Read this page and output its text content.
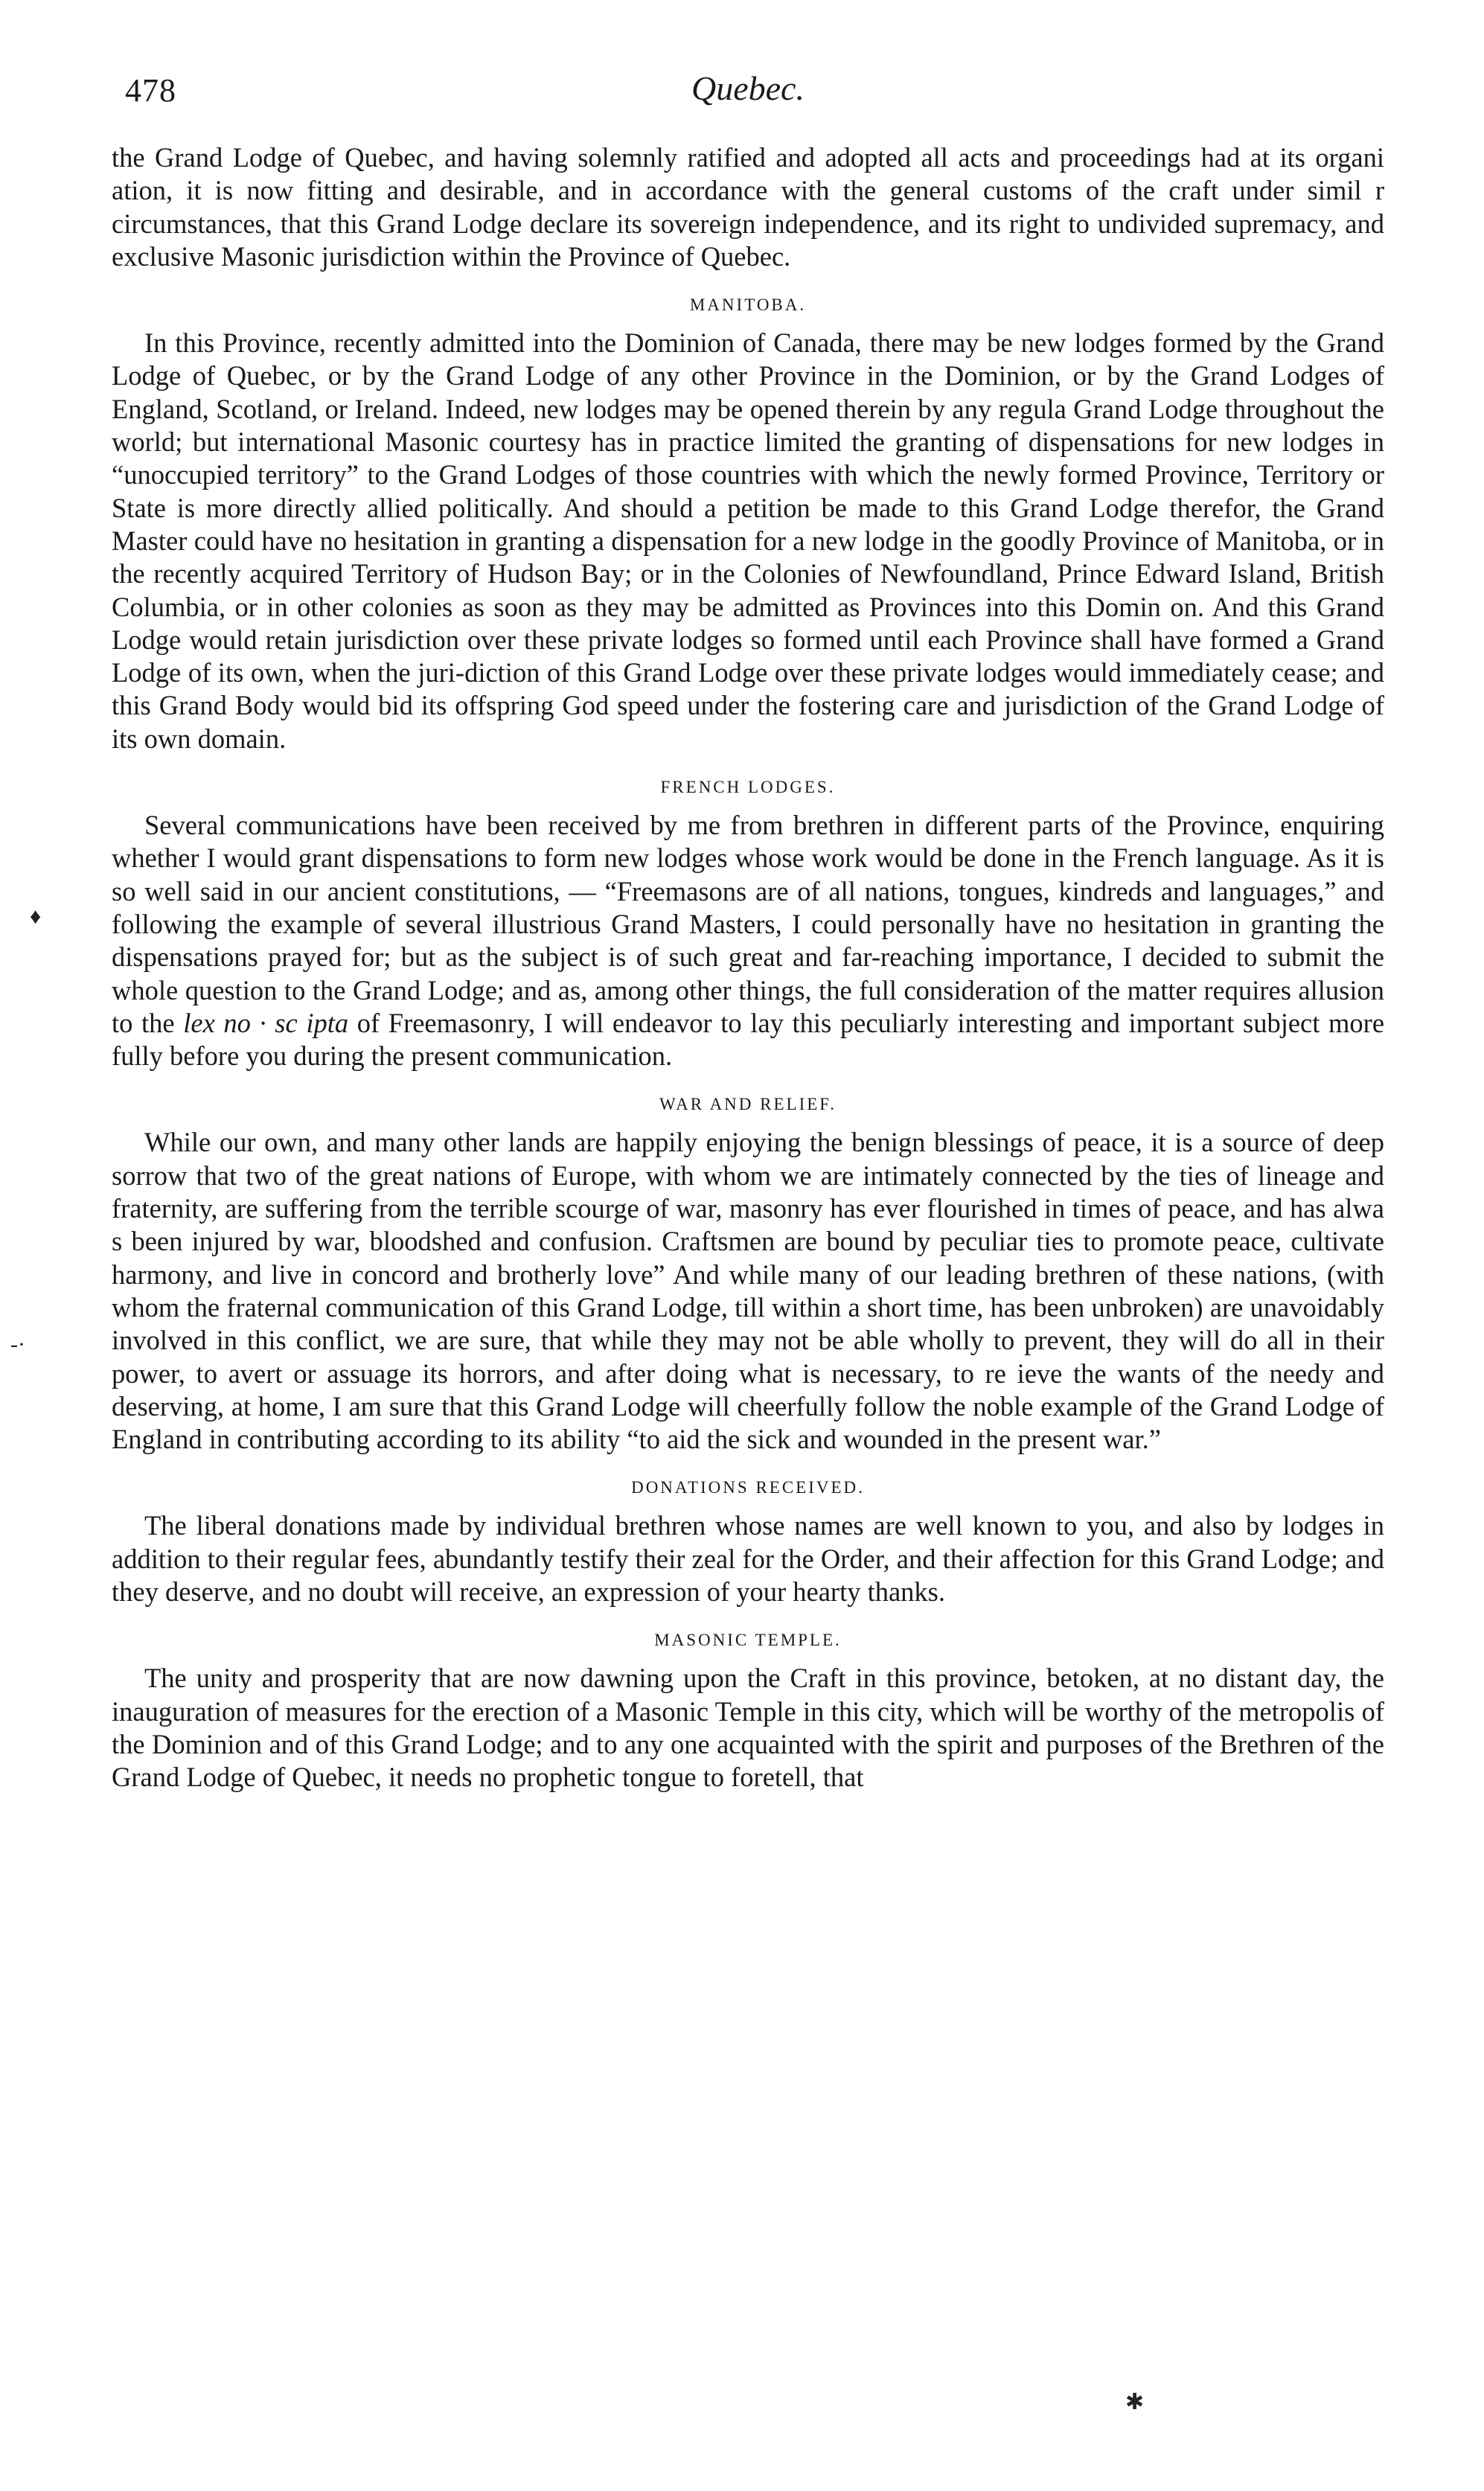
478	Quebec.

the Grand Lodge of Quebec, and having solemnly ratified and adopted all acts and proceedings had at its organi ation, it is now fitting and desirable, and in accordance with the general customs of the craft under simil r circumstances, that this Grand Lodge declare its sovereign independence, and its right to undivided supremacy, and exclusive Masonic jurisdiction within the Province of Quebec.

MANITOBA.

In this Province, recently admitted into the Dominion of Canada, there may be new lodges formed by the Grand Lodge of Quebec, or by the Grand Lodge of any other Province in the Dominion, or by the Grand Lodges of England, Scotland, or Ireland. Indeed, new lodges may be opened therein by any regula Grand Lodge throughout the world; but international Masonic courtesy has in practice limited the granting of dispensations for new lodges in “unoccupied territory” to the Grand Lodges of those countries with which the newly formed Province, Territory or State is more directly allied politically. And should a petition be made to this Grand Lodge therefor, the Grand Master could have no hesitation in granting a dispensation for a new lodge in the goodly Province of Manitoba, or in the recently acquired Territory of Hudson Bay; or in the Colonies of Newfoundland, Prince Edward Island, British Columbia, or in other colonies as soon as they may be admitted as Provinces into this Domin on. And this Grand Lodge would retain jurisdiction over these private lodges so formed until each Province shall have formed a Grand Lodge of its own, when the juri-diction of this Grand Lodge over these private lodges would immediately cease; and this Grand Body would bid its offspring God speed under the fostering care and jurisdiction of the Grand Lodge of its own domain.

FRENCH LODGES.

Several communications have been received by me from brethren in different parts of the Province, enquiring whether I would grant dispensations to form new lodges whose work would be done in the French language. As it is so well said in our ancient constitutions, — “Freemasons are of all nations, tongues, kindreds and languages,” and following the example of several illustrious Grand Masters, I could personally have no hesitation in granting the dispensations prayed for; but as the subject is of such great and far-reaching importance, I decided to submit the whole question to the Grand Lodge; and as, among other things, the full consideration of the matter requires allusion to the lex no · sc ipta of Freemasonry, I will endeavor to lay this peculiarly interesting and important subject more fully before you during the present communication.

WAR AND RELIEF.

While our own, and many other lands are happily enjoying the benign blessings of peace, it is a source of deep sorrow that two of the great nations of Europe, with whom we are intimately connected by the ties of lineage and fraternity, are suffering from the terrible scourge of war, masonry has ever flourished in times of peace, and has alwa s been injured by war, bloodshed and confusion. Craftsmen are bound by peculiar ties to promote peace, cultivate harmony, and live in concord and brotherly love” And while many of our leading brethren of these nations, (with whom the fraternal communication of this Grand Lodge, till within a short time, has been unbroken) are unavoidably involved in this conflict, we are sure, that while they may not be able wholly to prevent, they will do all in their power, to avert or assuage its horrors, and after doing what is necessary, to re ieve the wants of the needy and deserving, at home, I am sure that this Grand Lodge will cheerfully follow the noble example of the Grand Lodge of England in contributing according to its ability “to aid the sick and wounded in the present war.”

DONATIONS RECEIVED.

The liberal donations made by individual brethren whose names are well known to you, and also by lodges in addition to their regular fees, abundantly testify their zeal for the Order, and their affection for this Grand Lodge; and they deserve, and no doubt will receive, an expression of your hearty thanks.

MASONIC TEMPLE.

The unity and prosperity that are now dawning upon the Craft in this province, betoken, at no distant day, the inauguration of measures for the erection of a Masonic Temple in this city, which will be worthy of the metropolis of the Dominion and of this Grand Lodge; and to any one acquainted with the spirit and purposes of the Brethren of the Grand Lodge of Quebec, it needs no prophetic tongue to foretell, that

♦
-·
✱
